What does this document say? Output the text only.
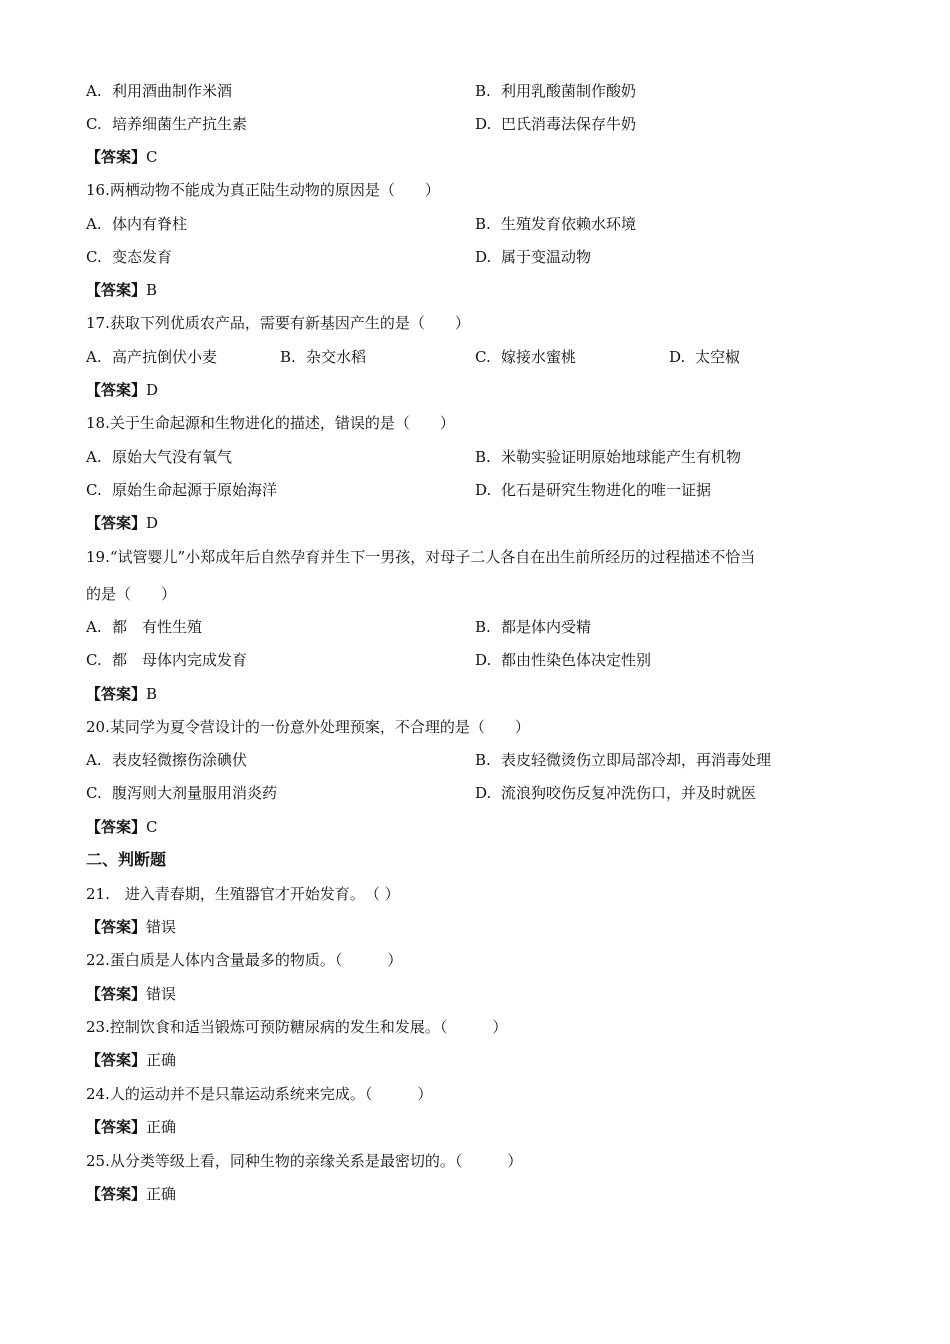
A. 利用酒曲制作米酒	B. 利用乳酸菌制作酸奶
C. 培养细菌生产抗生素	D. 巴氏消毒法保存牛奶
【答案】C
16.两栖动物不能成为真正陆生动物的原因是（　　）
A. 体内有脊柱	B. 生殖发育依赖水环境
C. 变态发育	D. 属于变温动物
【答案】B
17.获取下列优质农产品，需要有新基因产生的是（　　）
A. 高产抗倒伏小麦	B. 杂交水稻	C. 嫁接水蜜桃	D. 太空椒
【答案】D
18.关于生命起源和生物进化的描述，错误的是（　　）
A. 原始大气没有氧气	B. 米勒实验证明原始地球能产生有机物
C. 原始生命起源于原始海洋	D. 化石是研究生物进化的唯一证据
【答案】D
19.“试管婴儿”小郑成年后自然孕育并生下一男孩，对母子二人各自在出生前所经历的过程描述不恰当
的是（　　）
A. 都　有性生殖	B. 都是体内受精
C. 都　母体内完成发育	D. 都由性染色体决定性别
【答案】B
20.某同学为夏令营设计的一份意外处理预案，不合理的是（　　）
A. 表皮轻微擦伤涂碘伏	B. 表皮轻微烫伤立即局部冷却，再消毒处理
C. 腹泻则大剂量服用消炎药	D. 流浪狗咬伤反复冲洗伤口，并及时就医
【答案】C
二、判断题
21.　进入青春期，生殖器官才开始发育。　（ ）
【答案】错误
22.蛋白质是人体内含量最多的物质。（　　　）
【答案】错误
23.控制饮食和适当锻炼可预防糖尿病的发生和发展。（　　　）
【答案】正确
24.人的运动并不是只靠运动系统来完成。（　　　）
【答案】正确
25.从分类等级上看，同种生物的亲缘关系是最密切的。（　　　）
【答案】正确
